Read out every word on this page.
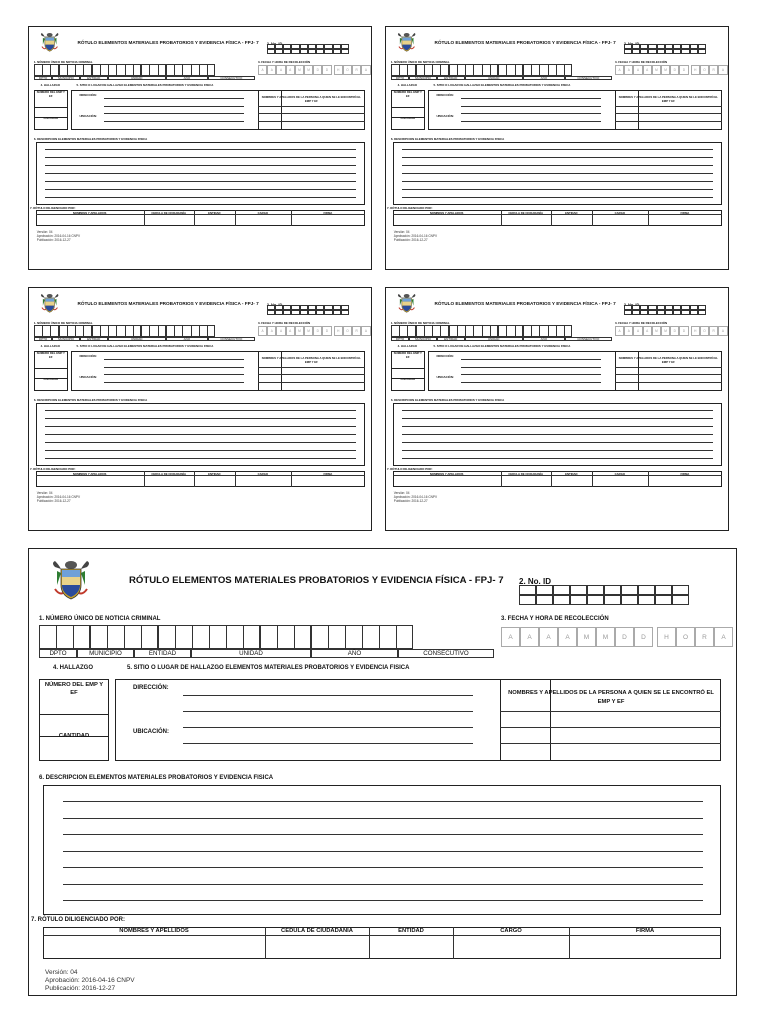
RÓTULO ELEMENTOS MATERIALES PROBATORIOS Y EVIDENCIA FÍSICA - FPJ- 7 2. No. ID
1. NÚMERO ÚNICO DE NOTICIA CRIMINAL
DPTO	MUNICIPIO	ENTIDAD	UNIDAD	AÑO	CONSECUTIVO
3. FECHA Y HORA DE RECOLECCIÓN
A	A	A	A	M	M	D	D	H	O	R	A
4. HALLAZGO	5. SITIO O LUGAR DE HALLAZGO ELEMENTOS MATERIALES PROBATORIOS Y EVIDENCIA FISICA
NÚMERO DEL EMP Y EF
CANTIDAD
DIRECCIÓN:
UBICACIÓN:
NOMBRES Y APELLIDOS DE LA PERSONA A QUIEN SE LE ENCONTRÓ EL EMP Y EF
6. DESCRIPCION ELEMENTOS MATERIALES PROBATORIOS Y EVIDENCIA FISICA
7. RÓTULO DILIGENCIADO POR:
NOMBRES Y APELLIDOS	CEDULA DE CIUDADANÍA	ENTIDAD	CARGO	FIRMA
Versión: 04
Aprobación: 2016-04-16 CNPV
Publicación: 2016-12-27
RÓTULO ELEMENTOS MATERIALES PROBATORIOS Y EVIDENCIA FÍSICA - FPJ- 7 2. No. ID
1. NÚMERO ÚNICO DE NOTICIA CRIMINAL
DPTO	MUNICIPIO	ENTIDAD	UNIDAD	AÑO	CONSECUTIVO
3. FECHA Y HORA DE RECOLECCIÓN
A	A	A	A	M	M	D	D	H	O	R	A
4. HALLAZGO	5. SITIO O LUGAR DE HALLAZGO ELEMENTOS MATERIALES PROBATORIOS Y EVIDENCIA FISICA
NÚMERO DEL EMP Y EF
CANTIDAD
DIRECCIÓN:
UBICACIÓN:
NOMBRES Y APELLIDOS DE LA PERSONA A QUIEN SE LE ENCONTRÓ EL EMP Y EF
6. DESCRIPCION ELEMENTOS MATERIALES PROBATORIOS Y EVIDENCIA FISICA
7. RÓTULO DILIGENCIADO POR:
NOMBRES Y APELLIDOS	CEDULA DE CIUDADANÍA	ENTIDAD	CARGO	FIRMA
Versión: 04
Aprobación: 2016-04-16 CNPV
Publicación: 2016-12-27
RÓTULO ELEMENTOS MATERIALES PROBATORIOS Y EVIDENCIA FÍSICA - FPJ- 7 2. No. ID
1. NÚMERO ÚNICO DE NOTICIA CRIMINAL
DPTO	MUNICIPIO	ENTIDAD	UNIDAD	AÑO	CONSECUTIVO
3. FECHA Y HORA DE RECOLECCIÓN
A	A	A	A	M	M	D	D	H	O	R	A
4. HALLAZGO	5. SITIO O LUGAR DE HALLAZGO ELEMENTOS MATERIALES PROBATORIOS Y EVIDENCIA FISICA
NÚMERO DEL EMP Y EF
CANTIDAD
DIRECCIÓN:
UBICACIÓN:
NOMBRES Y APELLIDOS DE LA PERSONA A QUIEN SE LE ENCONTRÓ EL EMP Y EF
6. DESCRIPCION ELEMENTOS MATERIALES PROBATORIOS Y EVIDENCIA FISICA
7. RÓTULO DILIGENCIADO POR:
NOMBRES Y APELLIDOS	CEDULA DE CIUDADANÍA	ENTIDAD	CARGO	FIRMA
Versión: 04
Aprobación: 2016-04-16 CNPV
Publicación: 2016-12-27
RÓTULO ELEMENTOS MATERIALES PROBATORIOS Y EVIDENCIA FÍSICA - FPJ- 7 2. No. ID
1. NÚMERO ÚNICO DE NOTICIA CRIMINAL
DPTO	MUNICIPIO	ENTIDAD	UNIDAD	AÑO	CONSECUTIVO
3. FECHA Y HORA DE RECOLECCIÓN
A	A	A	A	M	M	D	D	H	O	R	A
4. HALLAZGO	5. SITIO O LUGAR DE HALLAZGO ELEMENTOS MATERIALES PROBATORIOS Y EVIDENCIA FISICA
NÚMERO DEL EMP Y EF
CANTIDAD
DIRECCIÓN:
UBICACIÓN:
NOMBRES Y APELLIDOS DE LA PERSONA A QUIEN SE LE ENCONTRÓ EL EMP Y EF
6. DESCRIPCION ELEMENTOS MATERIALES PROBATORIOS Y EVIDENCIA FISICA
7. RÓTULO DILIGENCIADO POR:
NOMBRES Y APELLIDOS	CEDULA DE CIUDADANÍA	ENTIDAD	CARGO	FIRMA
Versión: 04
Aprobación: 2016-04-16 CNPV
Publicación: 2016-12-27
RÓTULO ELEMENTOS MATERIALES PROBATORIOS Y EVIDENCIA FÍSICA - FPJ- 7 2. No. ID
1. NÚMERO ÚNICO DE NOTICIA CRIMINAL
DPTO	MUNICIPIO	ENTIDAD	UNIDAD	AÑO	CONSECUTIVO
3. FECHA Y HORA DE RECOLECCIÓN
A	A	A	A	M	M	D	D	H	O	R	A
4. HALLAZGO	5. SITIO O LUGAR DE HALLAZGO ELEMENTOS MATERIALES PROBATORIOS Y EVIDENCIA FISICA
NÚMERO DEL EMP Y EF
CANTIDAD
DIRECCIÓN:
UBICACIÓN:
NOMBRES Y APELLIDOS DE LA PERSONA A QUIEN SE LE ENCONTRÓ EL EMP Y EF
6. DESCRIPCION ELEMENTOS MATERIALES PROBATORIOS Y EVIDENCIA FISICA
7. RÓTULO DILIGENCIADO POR:
NOMBRES Y APELLIDOS	CEDULA DE CIUDADANÍA	ENTIDAD	CARGO	FIRMA
Versión: 04
Aprobación: 2016-04-16 CNPV
Publicación: 2016-12-27
